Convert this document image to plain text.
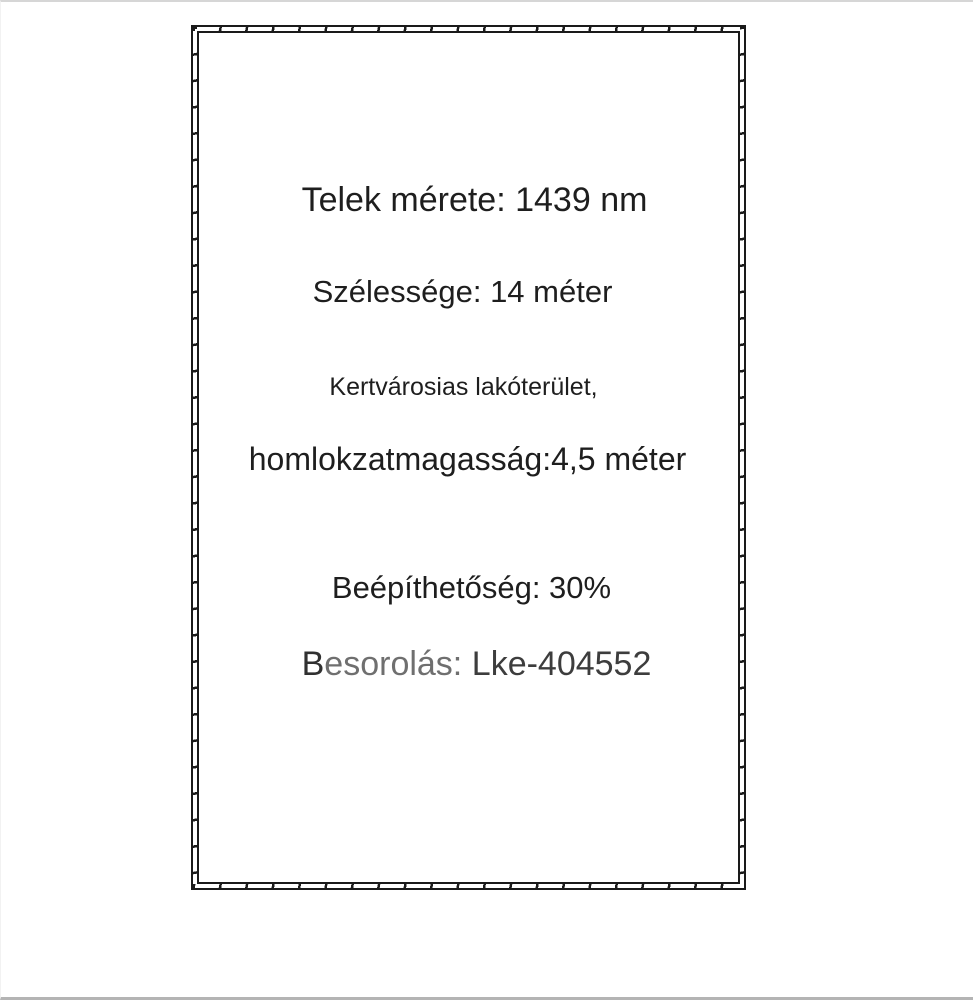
Telek mérete: 1439 nm
Szélessége: 14 méter
Kertvárosias lakóterület,
homlokzatmagasság:4,5 méter
Beépíthetőség: 30%
Besorolás: Lke-404552
